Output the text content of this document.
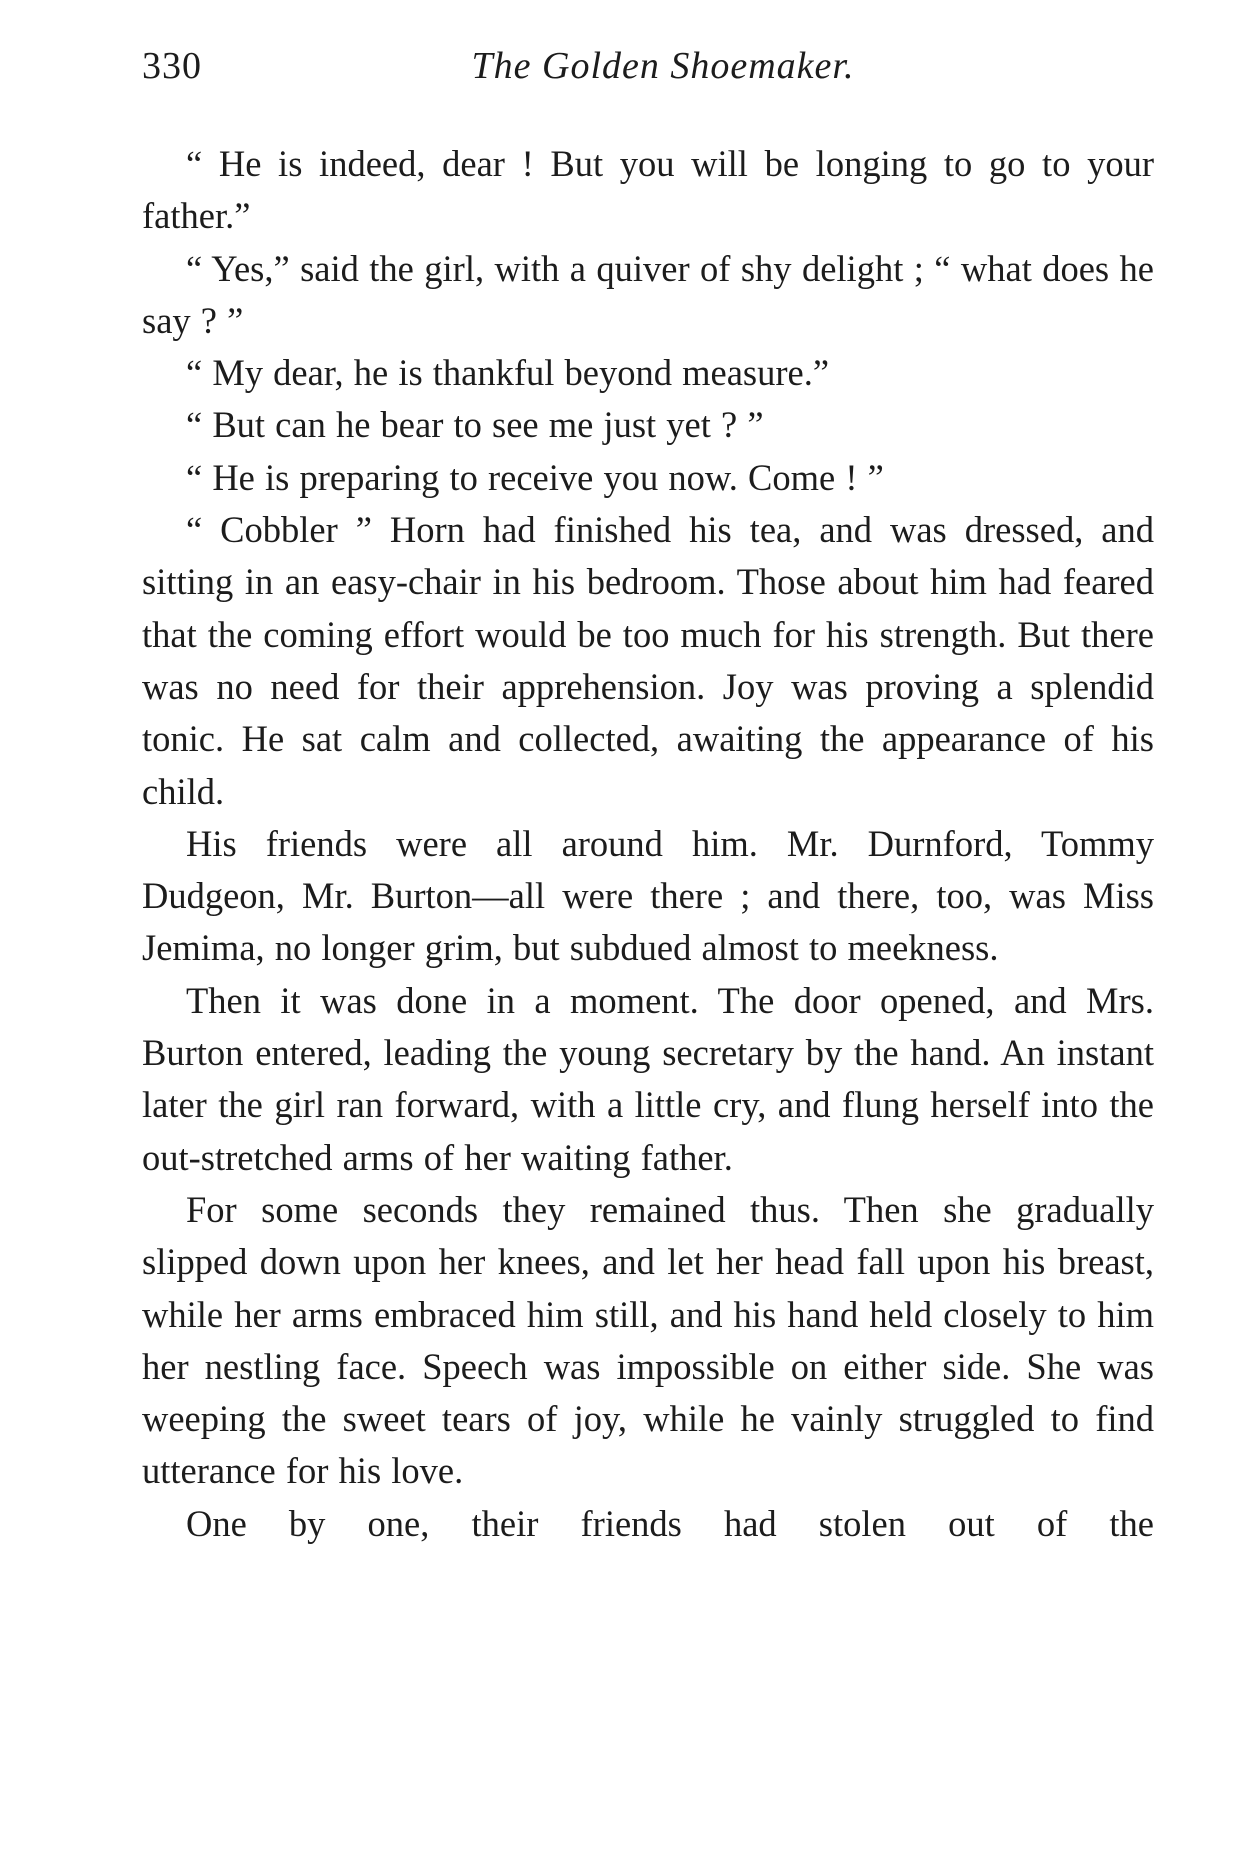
330	The Golden Shoemaker.

“ He is indeed, dear ! But you will be longing to go to your father.”

“ Yes,” said the girl, with a quiver of shy delight ; “ what does he say ? ”

“ My dear, he is thankful beyond measure.”

“ But can he bear to see me just yet ? ”

“ He is preparing to receive you now. Come ! ”

“ Cobbler ” Horn had finished his tea, and was dressed, and sitting in an easy-chair in his bedroom. Those about him had feared that the coming effort would be too much for his strength. But there was no need for their apprehension. Joy was proving a splendid tonic. He sat calm and collected, awaiting the appearance of his child.

His friends were all around him. Mr. Durnford, Tommy Dudgeon, Mr. Burton—all were there ; and there, too, was Miss Jemima, no longer grim, but subdued almost to meekness.

Then it was done in a moment. The door opened, and Mrs. Burton entered, leading the young secretary by the hand. An instant later the girl ran forward, with a little cry, and flung herself into the out-stretched arms of her waiting father.

For some seconds they remained thus. Then she gradually slipped down upon her knees, and let her head fall upon his breast, while her arms embraced him still, and his hand held closely to him her nestling face. Speech was impossible on either side. She was weeping the sweet tears of joy, while he vainly struggled to find utterance for his love.

One by one, their friends had stolen out of the
